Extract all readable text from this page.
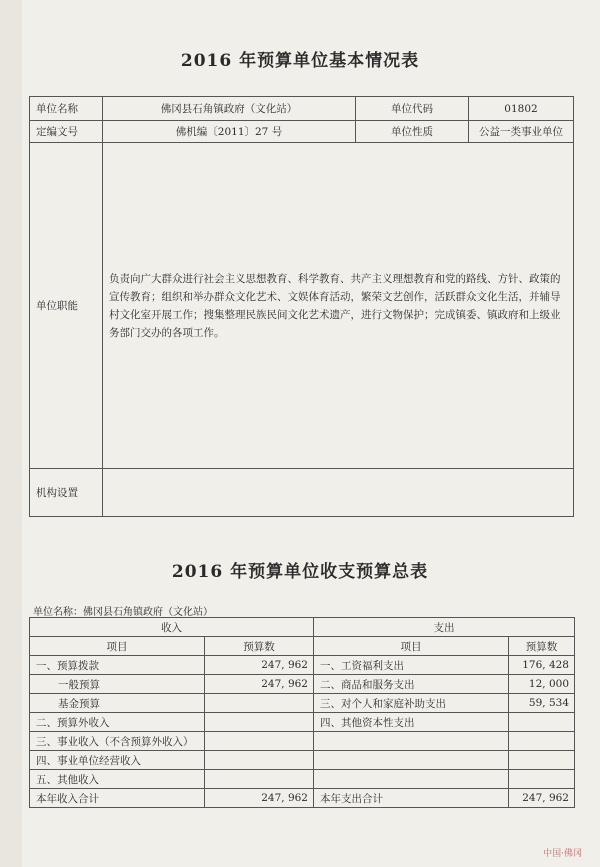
2016 年预算单位基本情况表
单位名称	佛冈县石角镇政府（文化站）	单位代码	01802
定编文号	佛机编〔2011〕27 号	单位性质	公益一类事业单位
单位职能	负责向广大群众进行社会主义思想教育、科学教育、共产主义理想教育和党的路线、方针、政策的宣传教育；组织和举办群众文化艺术、文娱体育活动，繁荣文艺创作，活跃群众文化生活，并辅导村文化室开展工作；搜集整理民族民间文化艺术遗产，进行文物保护；完成镇委、镇政府和上级业务部门交办的各项工作。		
机构设置			
2016 年预算单位收支预算总表
单位名称：佛冈县石角镇政府（文化站）
收入		支出	
项目	预算数	项目	预算数
一、预算拨款	247, 962	一、工资福利支出	176, 428
一般预算	247, 962	二、商品和服务支出	12, 000
基金预算		三、对个人和家庭补助支出	59, 534
二、预算外收入		四、其他资本性支出	
三、事业收入（不含预算外收入）			
四、事业单位经营收入			
五、其他收入			
本年收入合计	247, 962	本年支出合计	247, 962
中国·佛冈
